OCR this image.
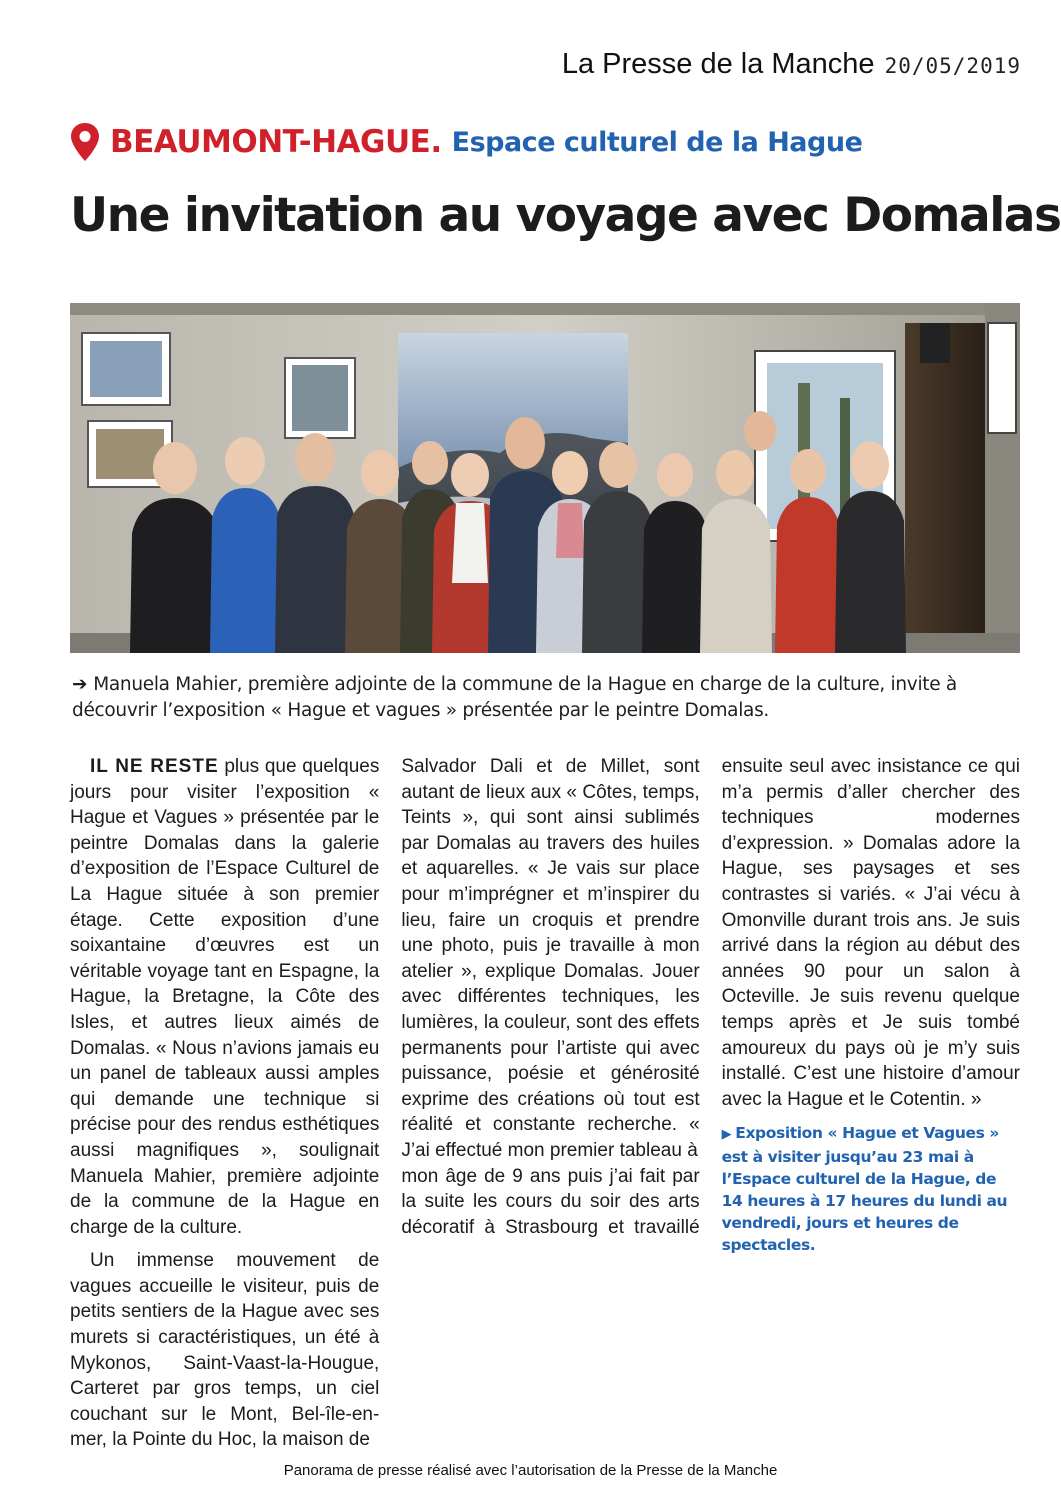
La Presse de la Manche 20/05/2019
BEAUMONT-HAGUE. Espace culturel de la Hague
Une invitation au voyage avec Domalas
➔ Manuela Mahier, première adjointe de la commune de la Hague en charge de la culture, invite à découvrir l’exposition « Hague et vagues » présentée par le peintre Domalas.

IL NE RESTE plus que quelques jours pour visiter l’exposition « Hague et Vagues » présentée par le peintre Domalas dans la galerie d’exposition de l’Espace Culturel de La Hague située à son premier étage. Cette exposition d’une soixantaine d’œuvres est un véritable voyage tant en Espagne, la Hague, la Bretagne, la Côte des Isles, et autres lieux aimés de Domalas. « Nous n’avions jamais eu un panel de tableaux aussi amples qui demande une technique si précise pour des rendus esthétiques aussi magnifiques », soulignait Manuela Mahier, première adjointe de la commune de la Hague en charge de la culture.

Un immense mouvement de vagues accueille le visiteur, puis de petits sentiers de la Hague avec ses murets si caractéristiques, un été à Mykonos, Saint-Vaast-la-Hougue, Carteret par gros temps, un ciel couchant sur le Mont, Bel-île-en-mer, la Pointe du Hoc, la maison de

Salvador Dali et de Millet, sont autant de lieux aux « Côtes, temps, Teints », qui sont ainsi sublimés par Domalas au travers des huiles et aquarelles. « Je vais sur place pour m’imprégner et m’inspirer du lieu, faire un croquis et prendre une photo, puis je travaille à mon atelier », explique Domalas. Jouer avec différentes techniques, les lumières, la couleur, sont des effets permanents pour l’artiste qui avec puissance, poésie et générosité exprime des créations où tout est réalité et constante recherche. « J’ai effectué mon premier tableau à

mon âge de 9 ans puis j’ai fait par la suite les cours du soir des arts décoratif à Strasbourg et travaillé ensuite seul avec insistance ce qui m’a permis d’aller chercher des techniques modernes d’expression. » Domalas adore la Hague, ses paysages et ses contrastes si variés. « J’ai vécu à Omonville durant trois ans. Je suis arrivé dans la région au début des années 90 pour un salon à Octeville. Je suis revenu quelque temps après et Je suis tombé amoureux du pays où je m’y suis installé. C’est une histoire d’amour avec la Hague et le Cotentin. »

▶ Exposition « Hague et Vagues » est à visiter jusqu’au 23 mai à l’Espace culturel de la Hague, de 14 heures à 17 heures du lundi au vendredi, jours et heures de spectacles.
Panorama de presse réalisé avec l’autorisation de la Presse de la Manche
